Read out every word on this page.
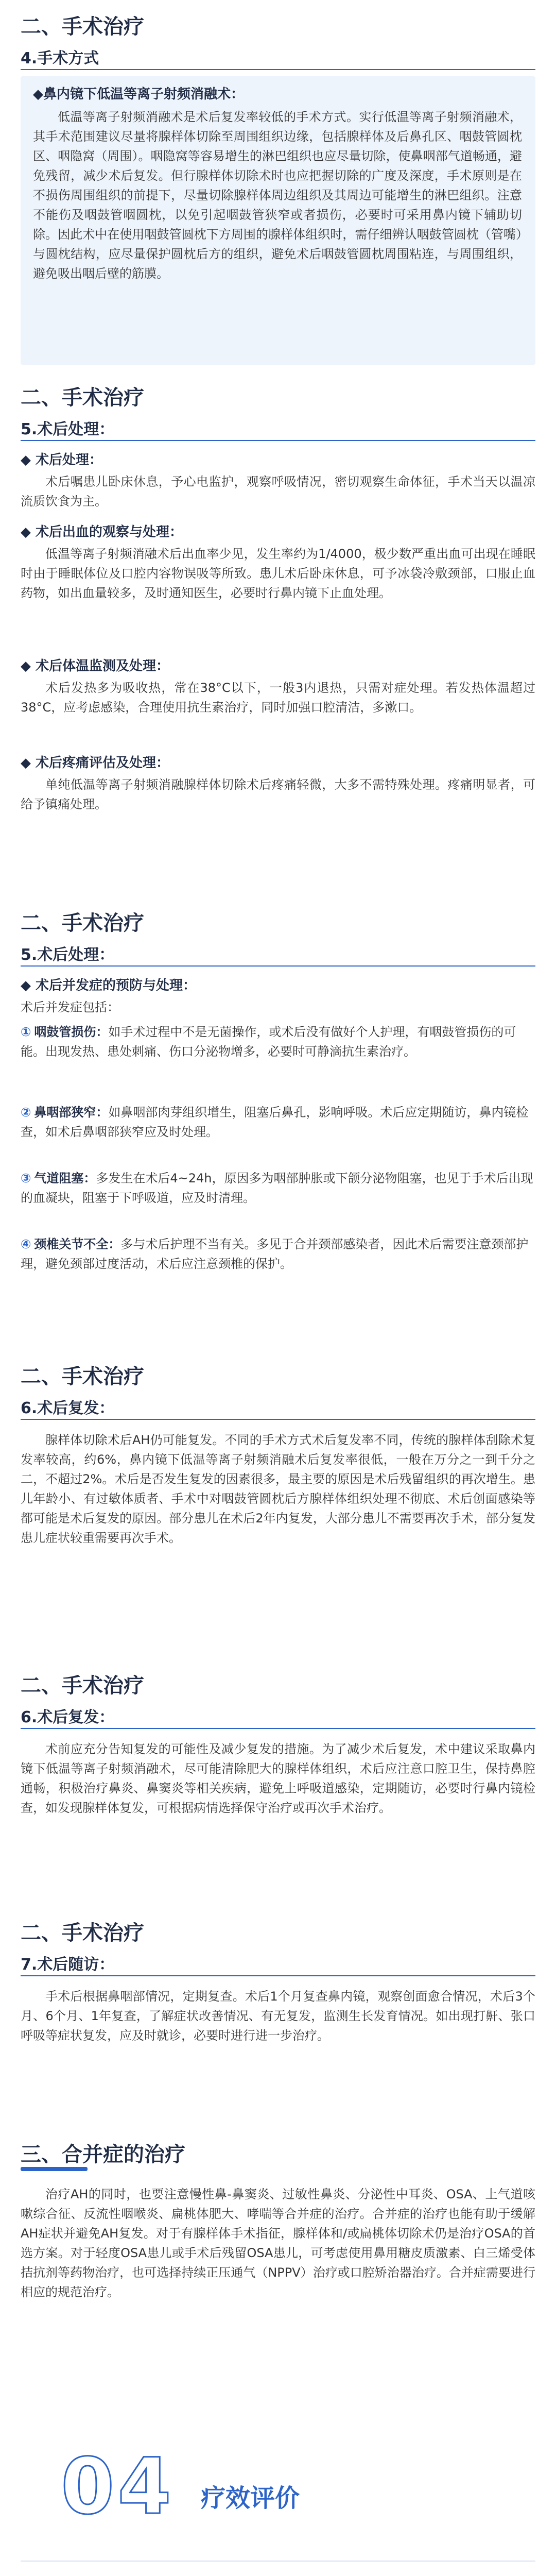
二、手术治疗
4.手术方式
◆鼻内镜下低温等离子射频消融术：
低温等离子射频消融术是术后复发率较低的手术方式。实行低温等离子射频消融术，其手术范围建议尽量将腺样体切除至周围组织边缘，包括腺样体及后鼻孔区、咽鼓管圆枕区、咽隐窝（周围）。咽隐窝等容易增生的淋巴组织也应尽量切除，使鼻咽部气道畅通，避免残留，减少术后复发。但行腺样体切除术时也应把握切除的广度及深度，手术原则是在不损伤周围组织的前提下，尽量切除腺样体周边组织及其周边可能增生的淋巴组织。注意不能伤及咽鼓管咽圆枕，以免引起咽鼓管狭窄或者损伤，必要时可采用鼻内镜下辅助切除。因此术中在使用咽鼓管圆枕下方周围的腺样体组织时，需仔细辨认咽鼓管圆枕（管嘴）与圆枕结构，应尽量保护圆枕后方的组织，避免术后咽鼓管圆枕周围粘连，与周围组织，避免吸出咽后壁的筋膜。
二、手术治疗
5.术后处理：
◆ 术后处理：
术后嘱患儿卧床休息，予心电监护，观察呼吸情况，密切观察生命体征，手术当天以温凉流质饮食为主。
◆ 术后出血的观察与处理：
低温等离子射频消融术后出血率少见，发生率约为1/4000，极少数严重出血可出现在睡眠时由于睡眠体位及口腔内容物误吸等所致。患儿术后卧床休息，可予冰袋冷敷颈部，口服止血药物，如出血量较多，及时通知医生，必要时行鼻内镜下止血处理。
◆ 术后体温监测及处理：
术后发热多为吸收热，常在38°C以下，一般3内退热，只需对症处理。若发热体温超过38°C，应考虑感染，合理使用抗生素治疗，同时加强口腔清洁，多漱口。
◆ 术后疼痛评估及处理：
单纯低温等离子射频消融腺样体切除术后疼痛轻微，大多不需特殊处理。疼痛明显者，可给予镇痛处理。
二、手术治疗
5.术后处理：
◆ 术后并发症的预防与处理：
术后并发症包括：
① 咽鼓管损伤：如手术过程中不是无菌操作，或术后没有做好个人护理，有咽鼓管损伤的可能。出现发热、患处刺痛、伤口分泌物增多，必要时可静滴抗生素治疗。
② 鼻咽部狭窄：如鼻咽部肉芽组织增生，阻塞后鼻孔，影响呼吸。术后应定期随访，鼻内镜检查，如术后鼻咽部狭窄应及时处理。
③ 气道阻塞：多发生在术后4~24h，原因多为咽部肿胀或下颌分泌物阻塞，也见于手术后出现的血凝块，阻塞于下呼吸道，应及时清理。
④ 颈椎关节不全：多与术后护理不当有关。多见于合并颈部感染者，因此术后需要注意颈部护理，避免颈部过度活动，术后应注意颈椎的保护。
二、手术治疗
6.术后复发：
腺样体切除术后AH仍可能复发。不同的手术方式术后复发率不同，传统的腺样体刮除术复发率较高，约6%，鼻内镜下低温等离子射频消融术后复发率很低，一般在万分之一到千分之二，不超过2%。术后是否发生复发的因素很多，最主要的原因是术后残留组织的再次增生。患儿年龄小、有过敏体质者、手术中对咽鼓管圆枕后方腺样体组织处理不彻底、术后创面感染等都可能是术后复发的原因。部分患儿在术后2年内复发，大部分患儿不需要再次手术，部分复发患儿症状较重需要再次手术。
二、手术治疗
6.术后复发：
术前应充分告知复发的可能性及减少复发的措施。为了减少术后复发，术中建议采取鼻内镜下低温等离子射频消融术，尽可能清除肥大的腺样体组织，术后应注意口腔卫生，保持鼻腔通畅，积极治疗鼻炎、鼻窦炎等相关疾病，避免上呼吸道感染，定期随访，必要时行鼻内镜检查，如发现腺样体复发，可根据病情选择保守治疗或再次手术治疗。
二、手术治疗
7.术后随访：
手术后根据鼻咽部情况，定期复查。术后1个月复查鼻内镜，观察创面愈合情况，术后3个月、6个月、1年复查，了解症状改善情况、有无复发，监测生长发育情况。如出现打鼾、张口呼吸等症状复发，应及时就诊，必要时进行进一步治疗。
三、合并症的治疗
治疗AH的同时，也要注意慢性鼻-鼻窦炎、过敏性鼻炎、分泌性中耳炎、OSA、上气道咳嗽综合征、反流性咽喉炎、扁桃体肥大、哮喘等合并症的治疗。合并症的治疗也能有助于缓解AH症状并避免AH复发。对于有腺样体手术指征，腺样体和/或扁桃体切除术仍是治疗OSA的首选方案。对于轻度OSA患儿或手术后残留OSA患儿，可考虑使用鼻用糖皮质激素、白三烯受体拮抗剂等药物治疗，也可选择持续正压通气（NPPV）治疗或口腔矫治器治疗。合并症需要进行相应的规范治疗。
04 疗效评价
